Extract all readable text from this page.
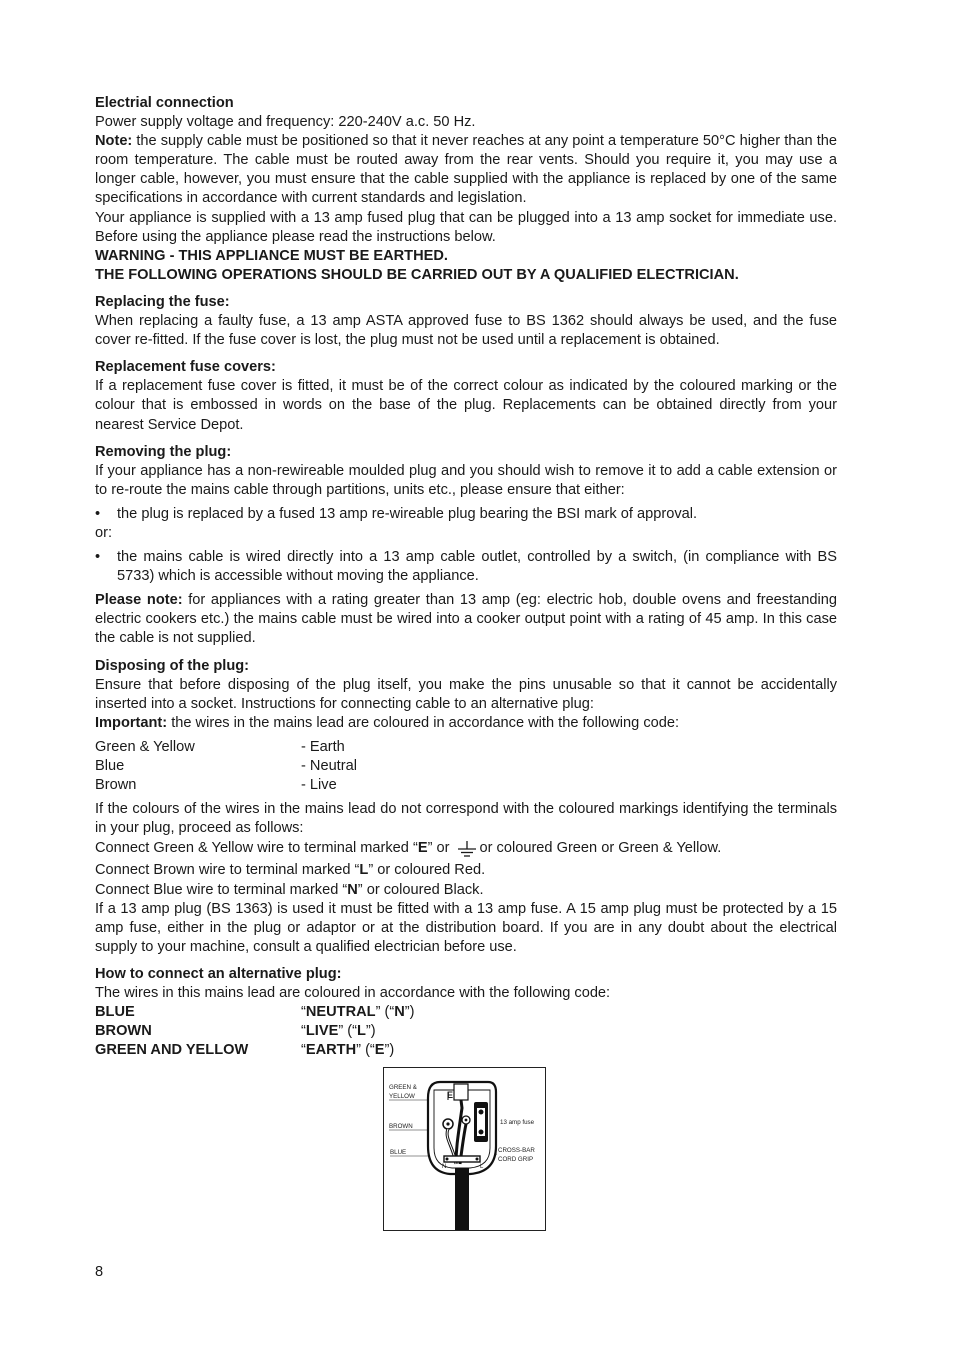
Electrial connection

Power supply voltage and frequency: 220-240V a.c. 50 Hz.

Note: the supply cable must be positioned so that it never reaches at any point a temperature 50°C higher than the room temperature. The cable must be routed away from the rear vents. Should you require it, you may use a longer cable, however, you must ensure that the cable supplied with the appliance is replaced by one of the same specifications in accordance with current standards and legislation.

Your appliance is supplied with a 13 amp fused plug that can be plugged into a 13 amp socket for immediate use. Before using the appliance please read the instructions below.

WARNING - THIS APPLIANCE MUST BE EARTHED.

THE FOLLOWING OPERATIONS SHOULD BE CARRIED OUT BY A QUALIFIED ELECTRICIAN.

Replacing the fuse:

When replacing a faulty fuse, a 13 amp ASTA approved fuse to BS 1362 should always be used, and the fuse cover re-fitted. If the fuse cover is lost, the plug must not be used until a replacement is obtained.

Replacement fuse covers:

If a replacement fuse cover is fitted, it must be of the correct colour as indicated by the coloured marking or the colour that is embossed in words on the base of the plug. Replacements can be obtained directly from your nearest Service Depot.

Removing the plug:

If your appliance has a non-rewireable moulded plug and you should wish to remove it to add a cable extension or to re-route the mains cable through partitions, units etc., please ensure that either:

• the plug is replaced by a fused 13 amp re-wireable plug bearing the BSI mark of approval.

or:

• the mains cable is wired directly into a 13 amp cable outlet, controlled by a switch, (in compliance with BS 5733) which is accessible without moving the appliance.

Please note: for appliances with a rating greater than 13 amp (eg: electric hob, double ovens and freestanding electric cookers etc.) the mains cable must be wired into a cooker output point with a rating of 45 amp. In this case the cable is not supplied.

Disposing of the plug:

Ensure that before disposing of the plug itself, you make the pins unusable so that it cannot be accidentally inserted into a socket. Instructions for connecting cable to an alternative plug:

Important: the wires in the mains lead are coloured in accordance with the following code:

Green & Yellow	- Earth
Blue	- Neutral
Brown	- Live

If the colours of the wires in the mains lead do not correspond with the coloured markings identifying the terminals in your plug, proceed as follows:

Connect Green & Yellow wire to terminal marked “E” or or coloured Green or Green & Yellow.

Connect Brown wire to terminal marked “L” or coloured Red.

Connect Blue wire to terminal marked “N” or coloured Black.

If a 13 amp plug (BS 1363) is used it must be fitted with a 13 amp fuse. A 15 amp plug must be protected by a 15 amp fuse, either in the plug or adaptor or at the distribution board. If you are in any doubt about the electrical supply to your machine, consult a qualified electrician before use.

How to connect an alternative plug:

The wires in this mains lead are coloured in accordance with the following code:

BLUE	“NEUTRAL” (“N”)
BROWN	“LIVE” (“L”)
GREEN AND YELLOW	“EARTH” (“E”)
GREEN &
YELLOW
BROWN
BLUE
13 amp fuse
CROSS-BAR
CORD GRIP
E
N	L
8
